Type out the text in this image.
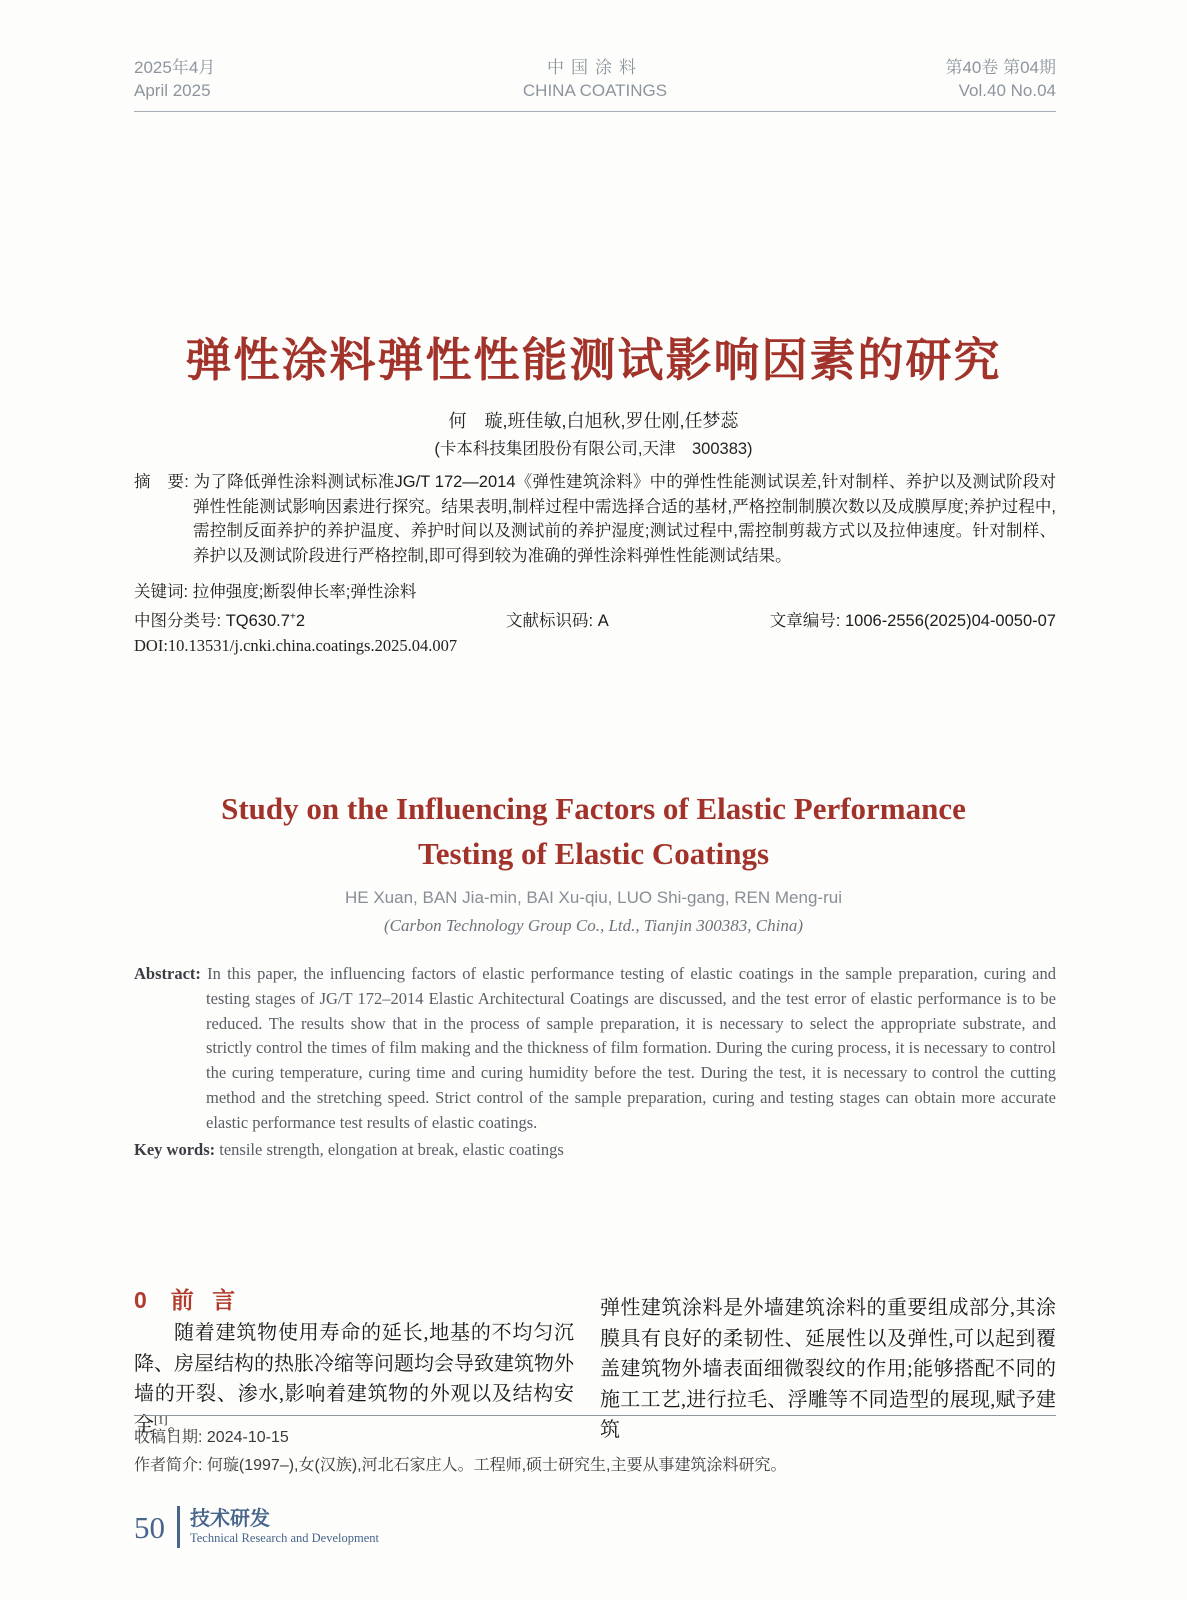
2025年4月	中国涂料	第40卷 第04期
April 2025	CHINA COATINGS	Vol.40 No.04
弹性涂料弹性性能测试影响因素的研究
何　璇,班佳敏,白旭秋,罗仕刚,任梦蕊
(卡本科技集团股份有限公司,天津　300383)
摘　要: 为了降低弹性涂料测试标准JG/T 172—2014《弹性建筑涂料》中的弹性性能测试误差,针对制样、养护以及测试阶段对弹性性能测试影响因素进行探究。结果表明,制样过程中需选择合适的基材,严格控制制膜次数以及成膜厚度;养护过程中,需控制反面养护的养护温度、养护时间以及测试前的养护湿度;测试过程中,需控制剪裁方式以及拉伸速度。针对制样、养护以及测试阶段进行严格控制,即可得到较为准确的弹性涂料弹性性能测试结果。
关键词: 拉伸强度;断裂伸长率;弹性涂料
中图分类号: TQ630.7+2	文献标识码: A	文章编号: 1006-2556(2025)04-0050-07
DOI:10.13531/j.cnki.china.coatings.2025.04.007
Study on the Influencing Factors of Elastic Performance
Testing of Elastic Coatings
HE Xuan, BAN Jia-min, BAI Xu-qiu, LUO Shi-gang, REN Meng-rui
(Carbon Technology Group Co., Ltd., Tianjin 300383, China)
Abstract: In this paper, the influencing factors of elastic performance testing of elastic coatings in the sample preparation, curing and testing stages of JG/T 172–2014 Elastic Architectural Coatings are discussed, and the test error of elastic performance is to be reduced. The results show that in the process of sample preparation, it is necessary to select the appropriate substrate, and strictly control the times of film making and the thickness of film formation. During the curing process, it is necessary to control the curing temperature, curing time and curing humidity before the test. During the test, it is necessary to control the cutting method and the stretching speed. Strict control of the sample preparation, curing and testing stages can obtain more accurate elastic performance test results of elastic coatings.
Key words: tensile strength, elongation at break, elastic coatings
0 前 言

随着建筑物使用寿命的延长,地基的不均匀沉降、房屋结构的热胀冷缩等问题均会导致建筑物外墙的开裂、渗水,影响着建筑物的外观以及结构安全[1]。

弹性建筑涂料是外墙建筑涂料的重要组成部分,其涂膜具有良好的柔韧性、延展性以及弹性,可以起到覆盖建筑物外墙表面细微裂纹的作用;能够搭配不同的施工工艺,进行拉毛、浮雕等不同造型的展现,赋予建筑
收稿日期: 2024-10-15
作者简介: 何璇(1997–),女(汉族),河北石家庄人。工程师,硕士研究生,主要从事建筑涂料研究。
50 技术研发
Technical Research and Development
